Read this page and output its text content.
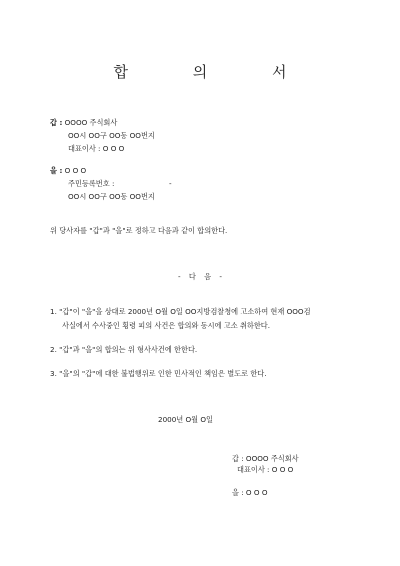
합 의 서
갑 : OOOO 주식회사
OO시 OO구 OO동 OO번지
대표이사 : O O O
을 : O O O
주민등록번호 :	-
OO시 OO구 OO동 OO번지
위 당사자를 "갑"과 "을"로 정하고 다음과 같이 합의한다.
- 다 음 -
1. "갑"이 "을"을 상대로 2000년 O월 O일 OO지방검찰청에 고소하여 현재 OOO검
사실에서 수사중인 횡령 피의 사건은 합의와 동시에 고소 취하한다.
2. "갑"과 "을"의 합의는 위 형사사건에 한한다.
3. "을"의 "갑"에 대한 불법행위로 인한 민사적인 책임은 별도로 한다.
2000년 O월 O일
갑 : OOOO 주식회사
대표이사 : O O O
을 : O O O
